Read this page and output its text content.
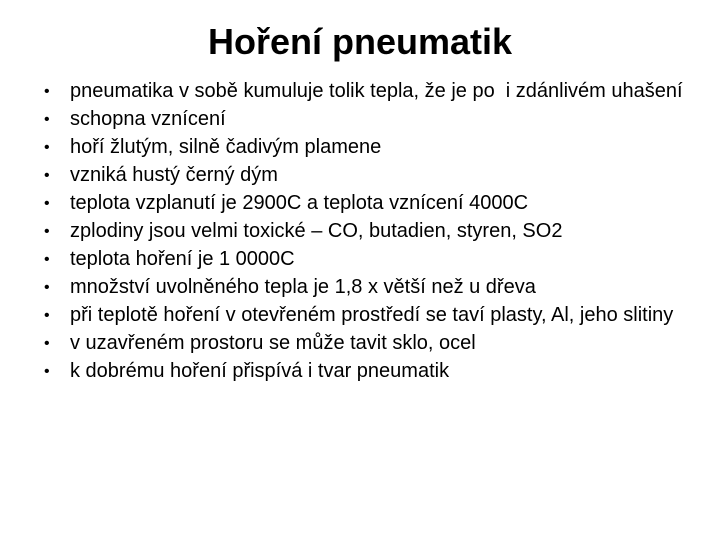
Hoření pneumatik
•	pneumatika v sobě kumuluje tolik tepla, že je po  i zdánlivém uhašení
•	schopna vznícení
•	hoří žlutým, silně čadivým plamene
•	vzniká hustý černý dým
•	teplota vzplanutí je 2900C a teplota vznícení 4000C
•	zplodiny jsou velmi toxické – CO, butadien, styren, SO2
•	teplota hoření je 1 0000C
•	množství uvolněného tepla je 1,8 x větší než u dřeva
•	při teplotě hoření v otevřeném prostředí se taví plasty, Al, jeho slitiny
•	v uzavřeném prostoru se může tavit sklo, ocel
•	k dobrému hoření přispívá i tvar pneumatik
